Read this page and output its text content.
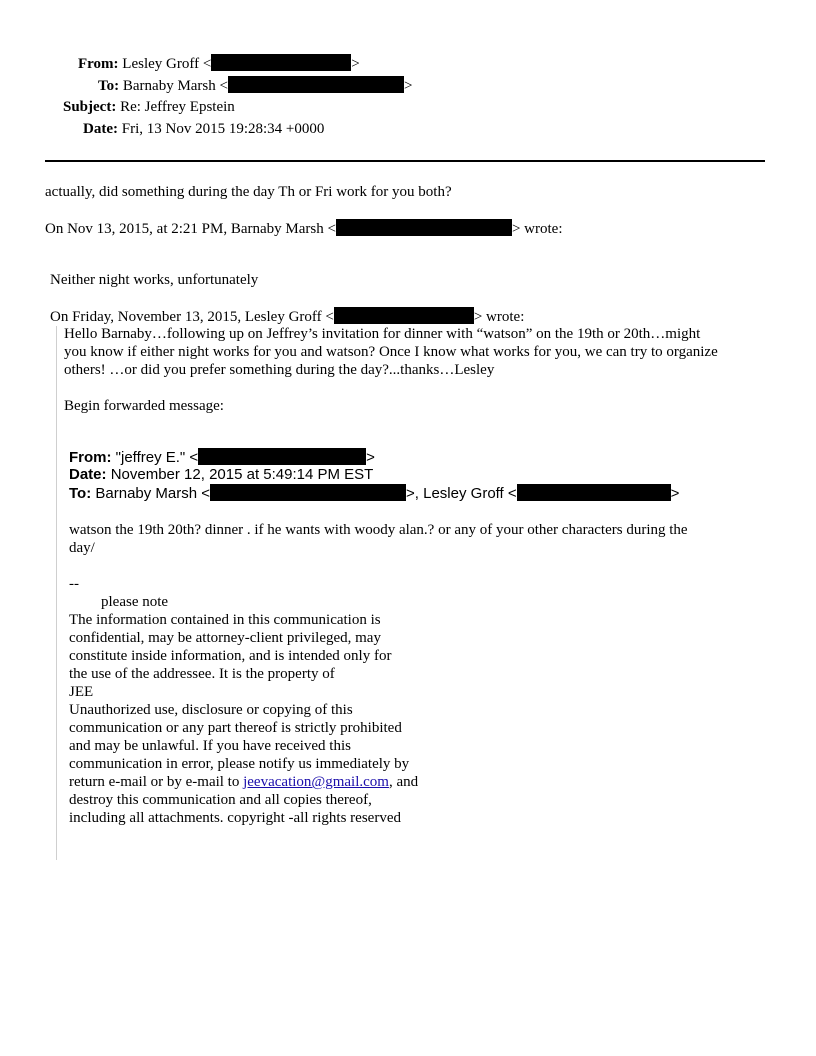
From: Lesley Groff <	>
To: Barnaby Marsh <	>
Subject: Re: Jeffrey Epstein
Date: Fri, 13 Nov 2015 19:28:34 +0000
actually, did something during the day Th or Fri work for you both?
On Nov 13, 2015, at 2:21 PM, Barnaby Marsh <	> wrote:
Neither night works, unfortunately
On Friday, November 13, 2015, Lesley Groff <	> wrote:
Hello Barnaby…following up on Jeffrey’s invitation for dinner with “watson” on the 19th or 20th…might
you know if either night works for you and watson? Once I know what works for you, we can try to organize
others! …or did you prefer something during the day?...thanks…Lesley
Begin forwarded message:
From: "jeffrey E." <	>
Date: November 12, 2015 at 5:49:14 PM EST
To: Barnaby Marsh <	>, Lesley Groff <	>
watson the 19th 20th? dinner . if he wants with woody alan.? or any of your other characters during the
day/
--
please note
The information contained in this communication is
confidential, may be attorney-client privileged, may
constitute inside information, and is intended only for
the use of the addressee. It is the property of
JEE
Unauthorized use, disclosure or copying of this
communication or any part thereof is strictly prohibited
and may be unlawful. If you have received this
communication in error, please notify us immediately by
return e-mail or by e-mail to jeevacation@gmail.com, and
destroy this communication and all copies thereof,
including all attachments. copyright -all rights reserved
